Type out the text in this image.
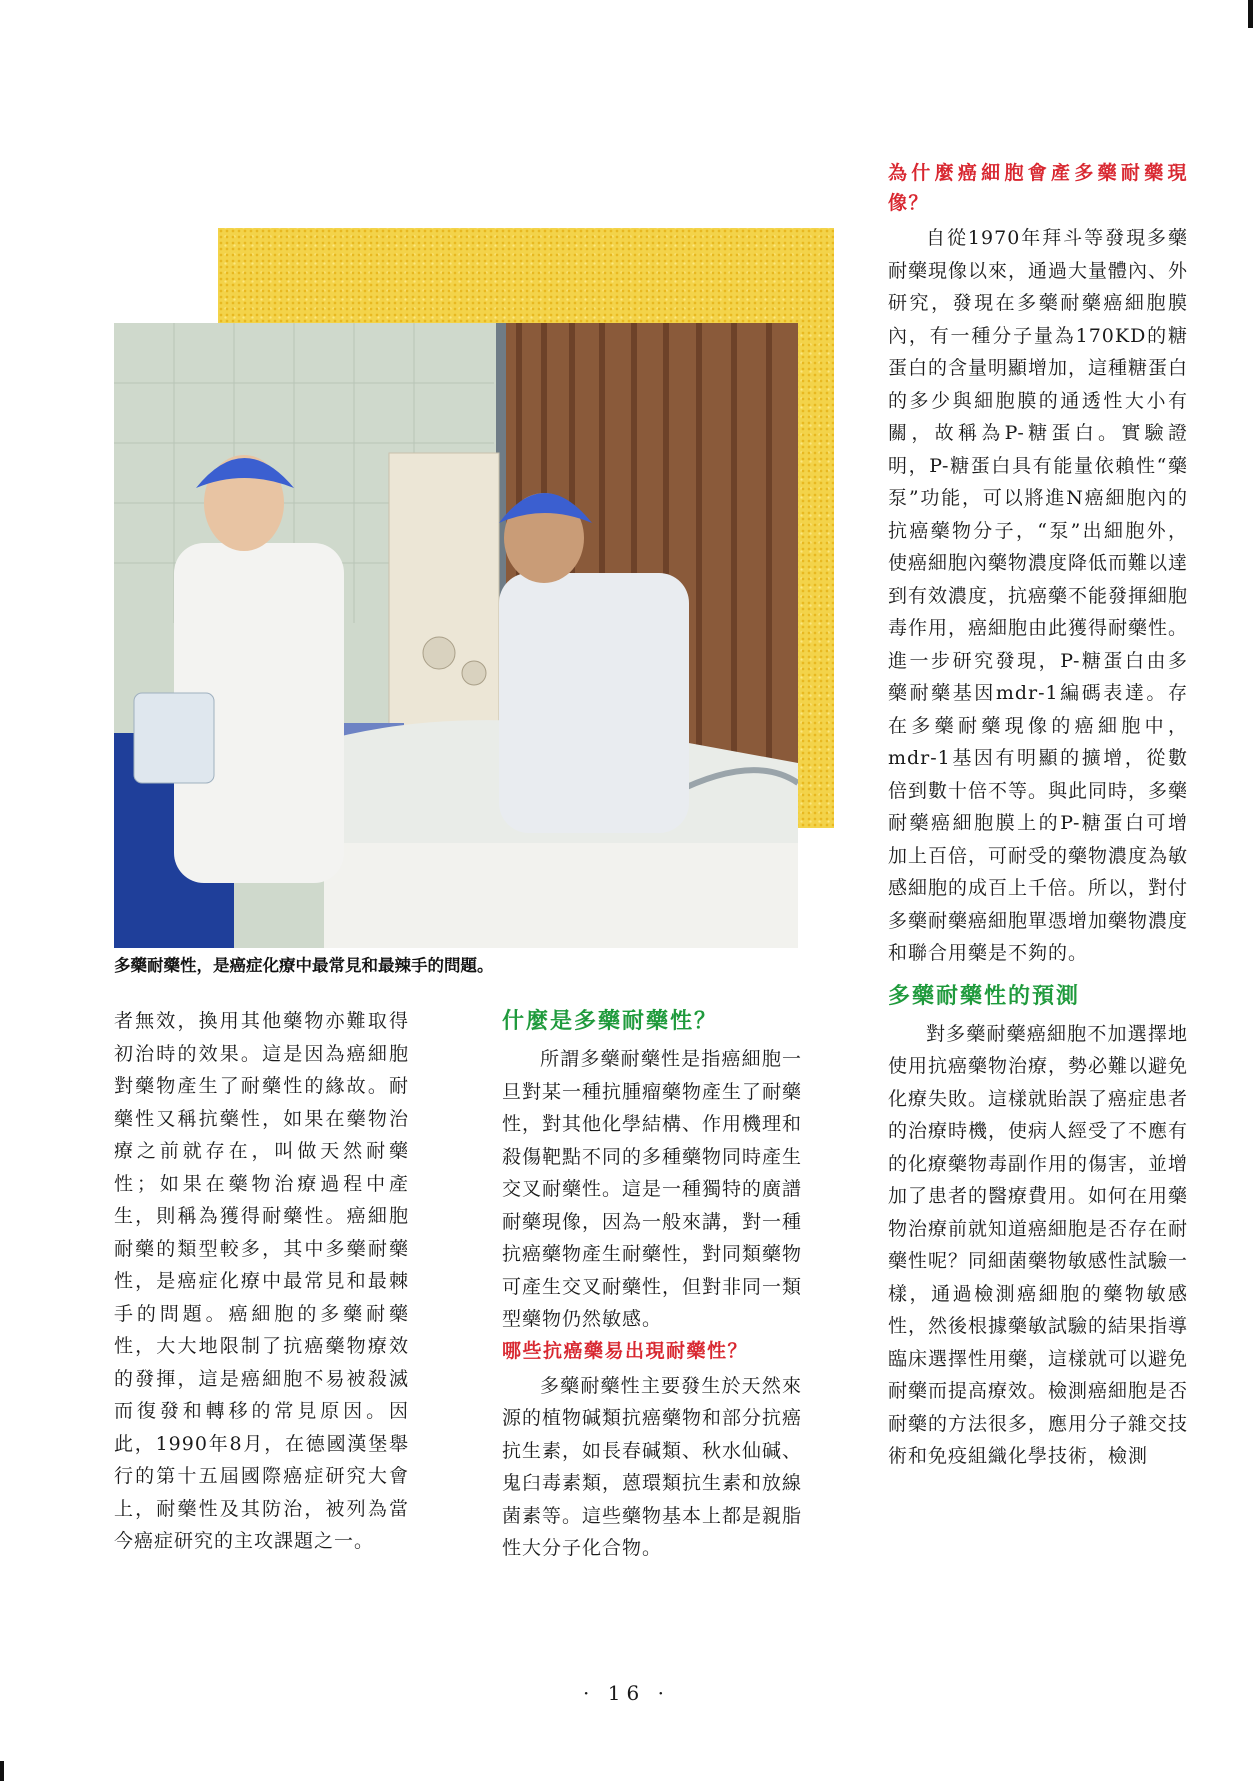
多藥耐藥性，是癌症化療中最常見和最辣手的問題。

者無效，換用其他藥物亦難取得初治時的效果。這是因為癌細胞對藥物產生了耐藥性的緣故。耐藥性又稱抗藥性，如果在藥物治療之前就存在，叫做天然耐藥性；如果在藥物治療過程中產生，則稱為獲得耐藥性。癌細胞耐藥的類型較多，其中多藥耐藥性，是癌症化療中最常見和最棘手的問題。癌細胞的多藥耐藥性，大大地限制了抗癌藥物療效的發揮，這是癌細胞不易被殺滅而復發和轉移的常見原因。因此，1990年8月，在德國漢堡舉行的第十五屆國際癌症研究大會上，耐藥性及其防治，被列為當今癌症研究的主攻課題之一。

什麼是多藥耐藥性？

所謂多藥耐藥性是指癌細胞一旦對某一種抗腫瘤藥物產生了耐藥性，對其他化學結構、作用機理和殺傷靶點不同的多種藥物同時產生交叉耐藥性。這是一種獨特的廣譜耐藥現像，因為一般來講，對一種抗癌藥物產生耐藥性，對同類藥物可產生交叉耐藥性，但對非同一類型藥物仍然敏感。

哪些抗癌藥易出現耐藥性？

多藥耐藥性主要發生於天然來源的植物碱類抗癌藥物和部分抗癌抗生素，如長春碱類、秋水仙碱、鬼臼毒素類，蒽環類抗生素和放線菌素等。這些藥物基本上都是親脂性大分子化合物。

為什麼癌細胞會產多藥耐藥現像？

自從1970年拜斗等發現多藥耐藥現像以來，通過大量體內、外研究，發現在多藥耐藥癌細胞膜內，有一種分子量為170KD的糖蛋白的含量明顯增加，這種糖蛋白的多少與細胞膜的通透性大小有關，故稱為P-糖蛋白。實驗證明，P-糖蛋白具有能量依賴性“藥泵”功能，可以將進N癌細胞內的抗癌藥物分子，“泵”出細胞外，使癌細胞內藥物濃度降低而難以達到有效濃度，抗癌藥不能發揮細胞毒作用，癌細胞由此獲得耐藥性。進一步研究發現，P-糖蛋白由多藥耐藥基因mdr-1編碼表達。存在多藥耐藥現像的癌細胞中，mdr-1基因有明顯的擴增，從數倍到數十倍不等。與此同時，多藥耐藥癌細胞膜上的P-糖蛋白可增加上百倍，可耐受的藥物濃度為敏感細胞的成百上千倍。所以，對付多藥耐藥癌細胞單憑增加藥物濃度和聯合用藥是不夠的。

多藥耐藥性的預測

對多藥耐藥癌細胞不加選擇地使用抗癌藥物治療，勢必難以避免化療失敗。這樣就貽誤了癌症患者的治療時機，使病人經受了不應有的化療藥物毒副作用的傷害，並增加了患者的醫療費用。如何在用藥物治療前就知道癌細胞是否存在耐藥性呢？同細菌藥物敏感性試驗一樣，通過檢測癌細胞的藥物敏感性，然後根據藥敏試驗的結果指導臨床選擇性用藥，這樣就可以避免耐藥而提高療效。檢測癌細胞是否耐藥的方法很多，應用分子雜交技術和免疫組織化學技術，檢測

· 16 ·
